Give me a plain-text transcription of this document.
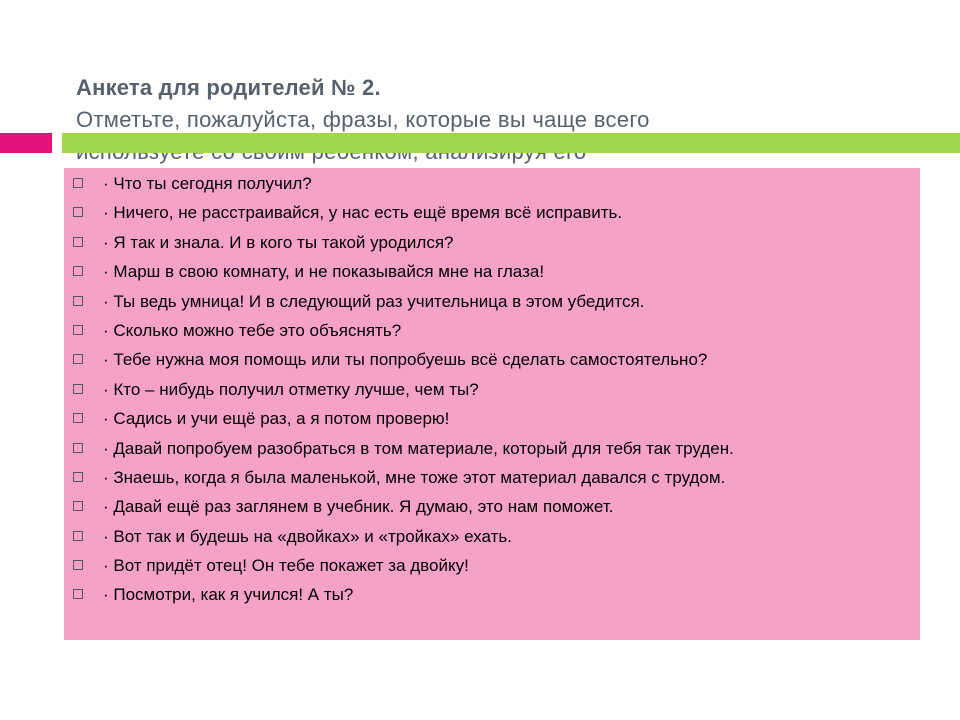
Анкета для родителей № 2.
Отметьте, пожалуйста, фразы, которые вы чаще всего
· Что ты сегодня получил?
· Ничего, не расстраивайся, у нас есть ещё время всё исправить.
· Я так и знала. И в кого ты такой уродился?
· Марш в свою комнату, и не показывайся мне на глаза!
· Ты ведь умница! И в следующий раз учительница в этом убедится.
· Сколько можно тебе это объяснять?
· Тебе нужна моя помощь или ты попробуешь всё сделать самостоятельно?
· Кто – нибудь получил отметку лучше, чем ты?
· Садись и учи ещё раз, а я потом проверю!
· Давай попробуем разобраться в том материале, который для тебя так труден.
· Знаешь, когда я была маленькой, мне тоже этот материал давался с трудом.
· Давай ещё раз заглянем в учебник. Я думаю, это нам поможет.
· Вот так и будешь на «двойках» и «тройках» ехать.
· Вот придёт отец! Он тебе покажет за двойку!
· Посмотри, как я учился! А ты?
